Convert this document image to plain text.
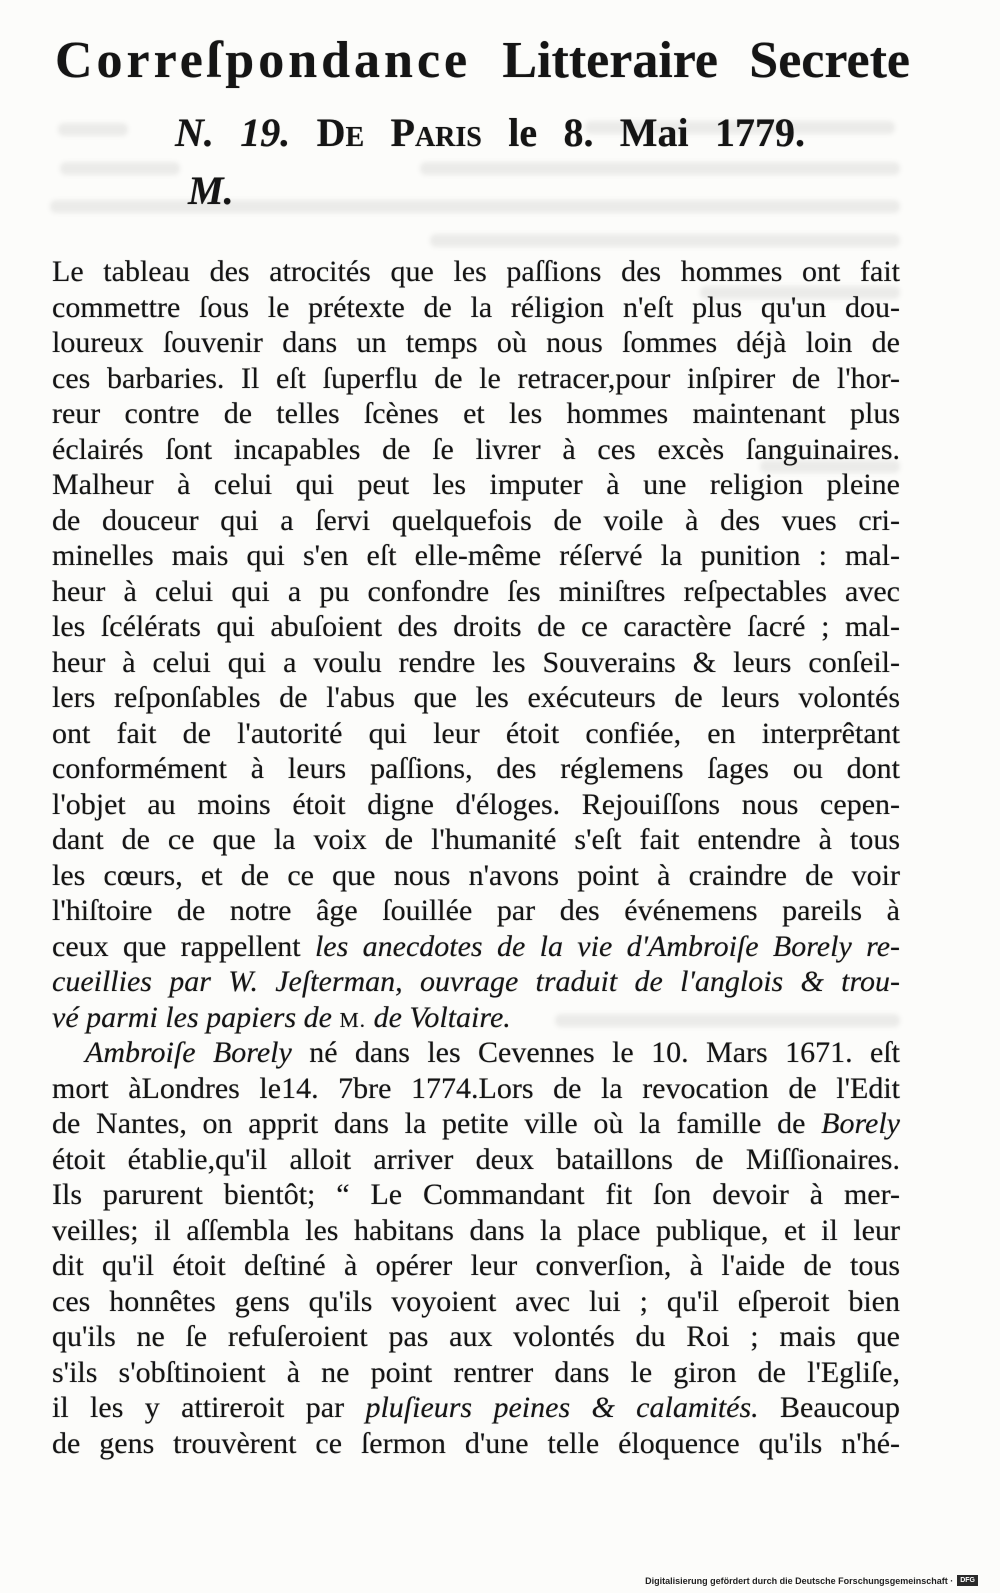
Correſpondance Litteraire Secrete
N. 19. De Paris le 8. Mai 1779.
M.
Le tableau des atrocités que les paſſions des hommes ont fait
commettre ſous le prétexte de la réligion n'eſt plus qu'un dou-
loureux ſouvenir dans un temps où nous ſommes déjà loin de
ces barbaries. Il eſt ſuperflu de le retracer,pour inſpirer de l'hor-
reur contre de telles ſcènes et les hommes maintenant plus
éclairés ſont incapables de ſe livrer à ces excès ſanguinaires.
Malheur à celui qui peut les imputer à une religion pleine
de douceur qui a ſervi quelquefois de voile à des vues cri-
minelles mais qui s'en eſt elle-même réſervé la punition : mal-
heur à celui qui a pu confondre ſes miniſtres reſpectables avec
les ſcélérats qui abuſoient des droits de ce caractère ſacré ; mal-
heur à celui qui a voulu rendre les Souverains & leurs conſeil-
lers reſponſables de l'abus que les exécuteurs de leurs volontés
ont fait de l'autorité qui leur étoit confiée, en interprêtant
conformément à leurs paſſions, des réglemens ſages ou dont
l'objet au moins étoit digne d'éloges. Rejouiſſons nous cepen-
dant de ce que la voix de l'humanité s'eſt fait entendre à tous
les cœurs, et de ce que nous n'avons point à craindre de voir
l'hiſtoire de notre âge ſouillée par des événemens pareils à
ceux que rappellent les anecdotes de la vie d'Ambroiſe Borely re-
cueillies par W. Jeſterman, ouvrage traduit de l'anglois & trou-
vé parmi les papiers de M. de Voltaire.
Ambroiſe Borely né dans les Cevennes le 10. Mars 1671. eſt
mort àLondres le14. 7bre 1774.Lors de la revocation de l'Edit
de Nantes, on apprit dans la petite ville où la famille de Borely
étoit établie,qu'il alloit arriver deux bataillons de Miſſionaires.
Ils parurent bientôt; “ Le Commandant fit ſon devoir à mer-
veilles; il aſſembla les habitans dans la place publique, et il leur
dit qu'il étoit deſtiné à opérer leur converſion, à l'aide de tous
ces honnêtes gens qu'ils voyoient avec lui ; qu'il eſperoit bien
qu'ils ne ſe refuſeroient pas aux volontés du Roi ; mais que
s'ils s'obſtinoient à ne point rentrer dans le giron de l'Egliſe,
il les y attireroit par pluſieurs peines & calamités. Beaucoup
de gens trouvèrent ce ſermon d'une telle éloquence qu'ils n'hé-
Digitalisierung gefördert durch die Deutsche Forschungsgemeinschaft ·	DFG
